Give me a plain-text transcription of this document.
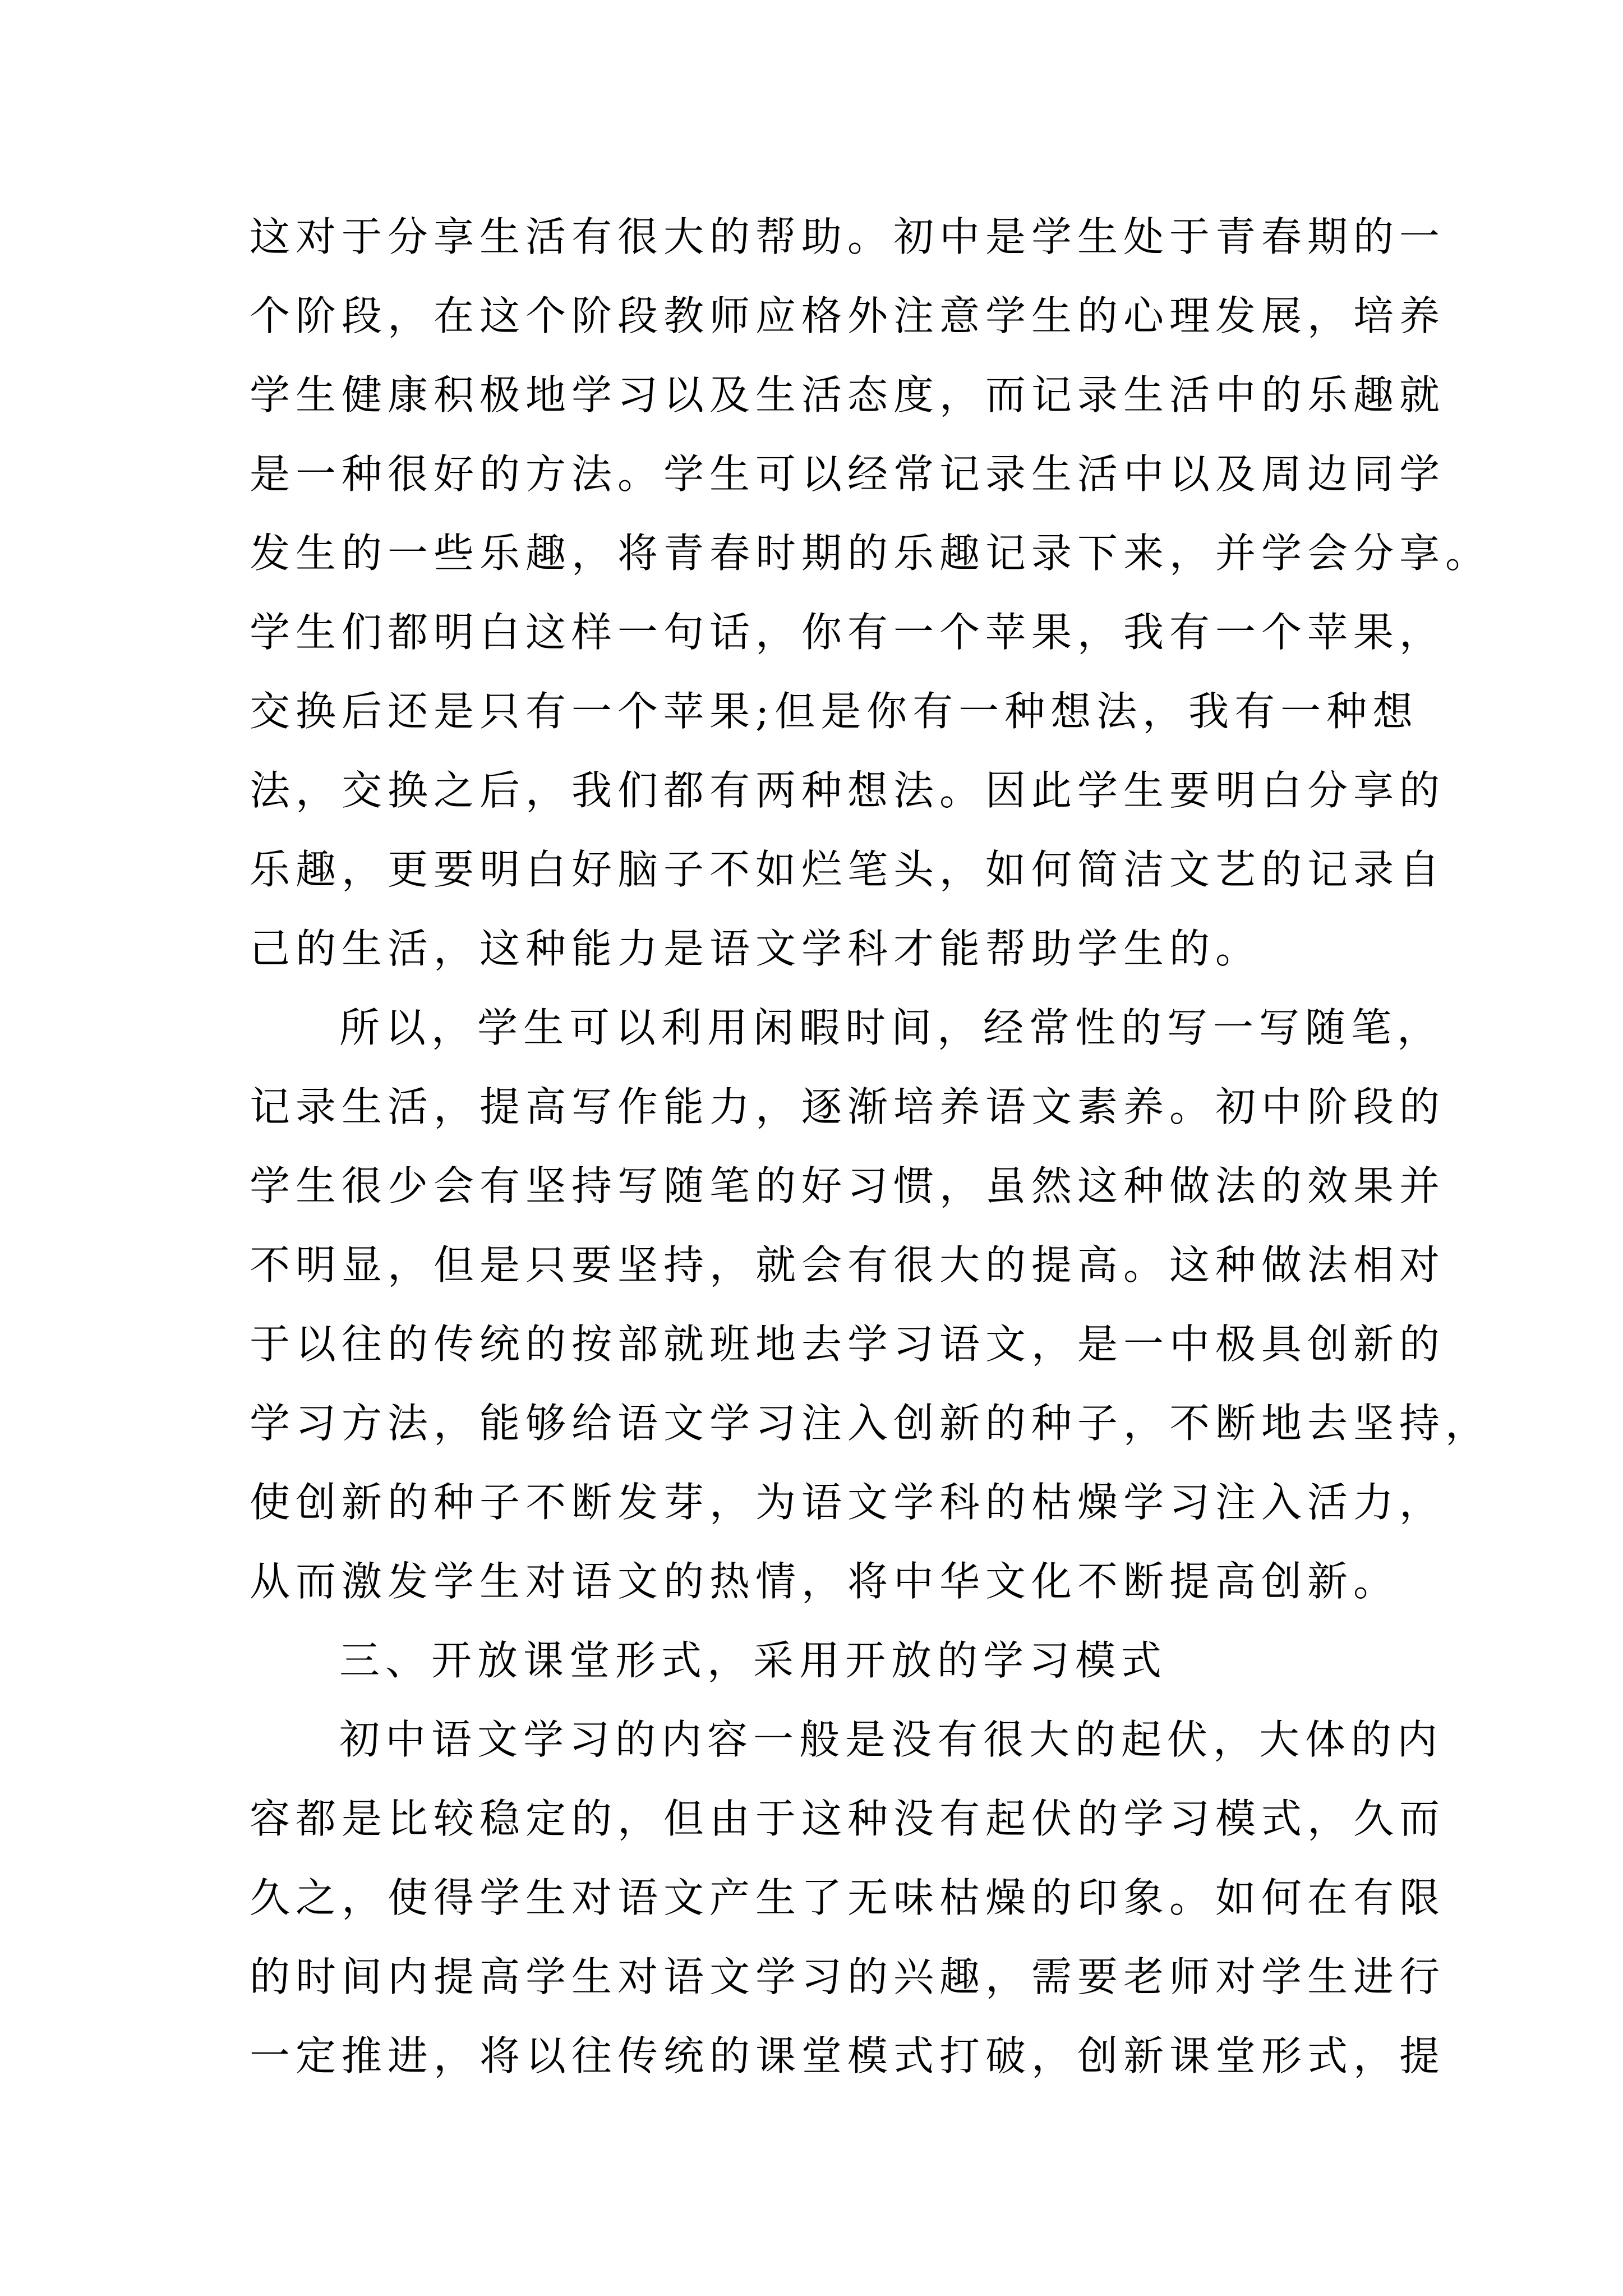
这对于分享生活有很大的帮助。初中是学生处于青春期的一
个阶段，在这个阶段教师应格外注意学生的心理发展，培养
学生健康积极地学习以及生活态度，而记录生活中的乐趣就
是一种很好的方法。学生可以经常记录生活中以及周边同学
发生的一些乐趣，将青春时期的乐趣记录下来，并学会分享。
学生们都明白这样一句话，你有一个苹果，我有一个苹果，
交换后还是只有一个苹果;但是你有一种想法，我有一种想
法，交换之后，我们都有两种想法。因此学生要明白分享的
乐趣，更要明白好脑子不如烂笔头，如何简洁文艺的记录自
己的生活，这种能力是语文学科才能帮助学生的。
所以，学生可以利用闲暇时间，经常性的写一写随笔，
记录生活，提高写作能力，逐渐培养语文素养。初中阶段的
学生很少会有坚持写随笔的好习惯，虽然这种做法的效果并
不明显，但是只要坚持，就会有很大的提高。这种做法相对
于以往的传统的按部就班地去学习语文，是一中极具创新的
学习方法，能够给语文学习注入创新的种子，不断地去坚持，
使创新的种子不断发芽，为语文学科的枯燥学习注入活力，
从而激发学生对语文的热情，将中华文化不断提高创新。
三、开放课堂形式，采用开放的学习模式
初中语文学习的内容一般是没有很大的起伏，大体的内
容都是比较稳定的，但由于这种没有起伏的学习模式，久而
久之，使得学生对语文产生了无味枯燥的印象。如何在有限
的时间内提高学生对语文学习的兴趣，需要老师对学生进行
一定推进，将以往传统的课堂模式打破，创新课堂形式，提
